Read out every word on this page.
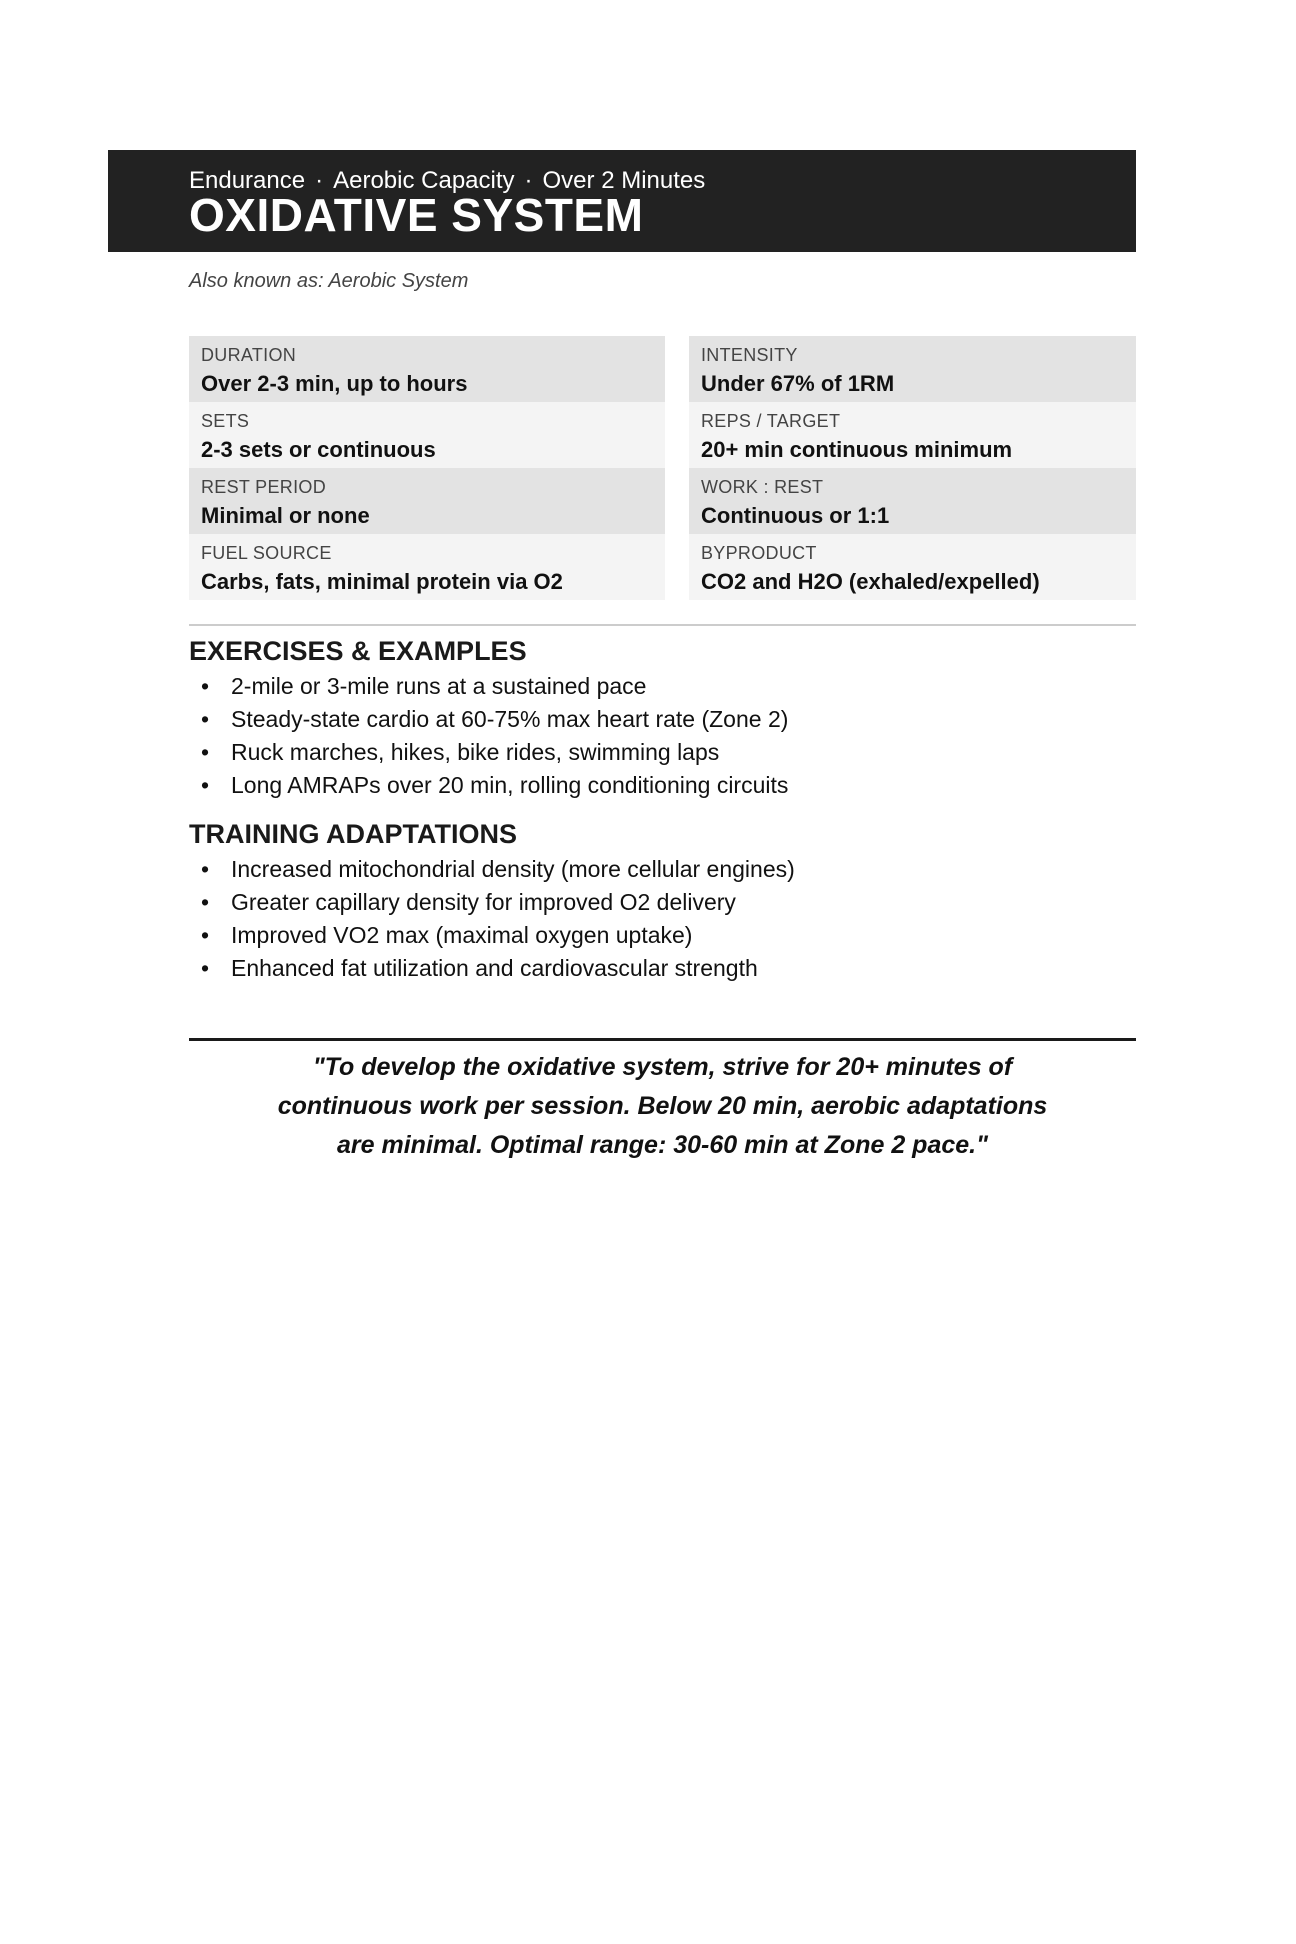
Endurance · Aerobic Capacity · Over 2 Minutes
OXIDATIVE SYSTEM
Also known as: Aerobic System
DURATION
Over 2-3 min, up to hours
SETS
2-3 sets or continuous
REST PERIOD
Minimal or none
FUEL SOURCE
Carbs, fats, minimal protein via O2
INTENSITY
Under 67% of 1RM
REPS / TARGET
20+ min continuous minimum
WORK : REST
Continuous or 1:1
BYPRODUCT
CO2 and H2O (exhaled/expelled)
EXERCISES & EXAMPLES
• 2-mile or 3-mile runs at a sustained pace
• Steady-state cardio at 60-75% max heart rate (Zone 2)
• Ruck marches, hikes, bike rides, swimming laps
• Long AMRAPs over 20 min, rolling conditioning circuits
TRAINING ADAPTATIONS
• Increased mitochondrial density (more cellular engines)
• Greater capillary density for improved O2 delivery
• Improved VO2 max (maximal oxygen uptake)
• Enhanced fat utilization and cardiovascular strength
"To develop the oxidative system, strive for 20+ minutes of
continuous work per session. Below 20 min, aerobic adaptations
are minimal. Optimal range: 30-60 min at Zone 2 pace."
